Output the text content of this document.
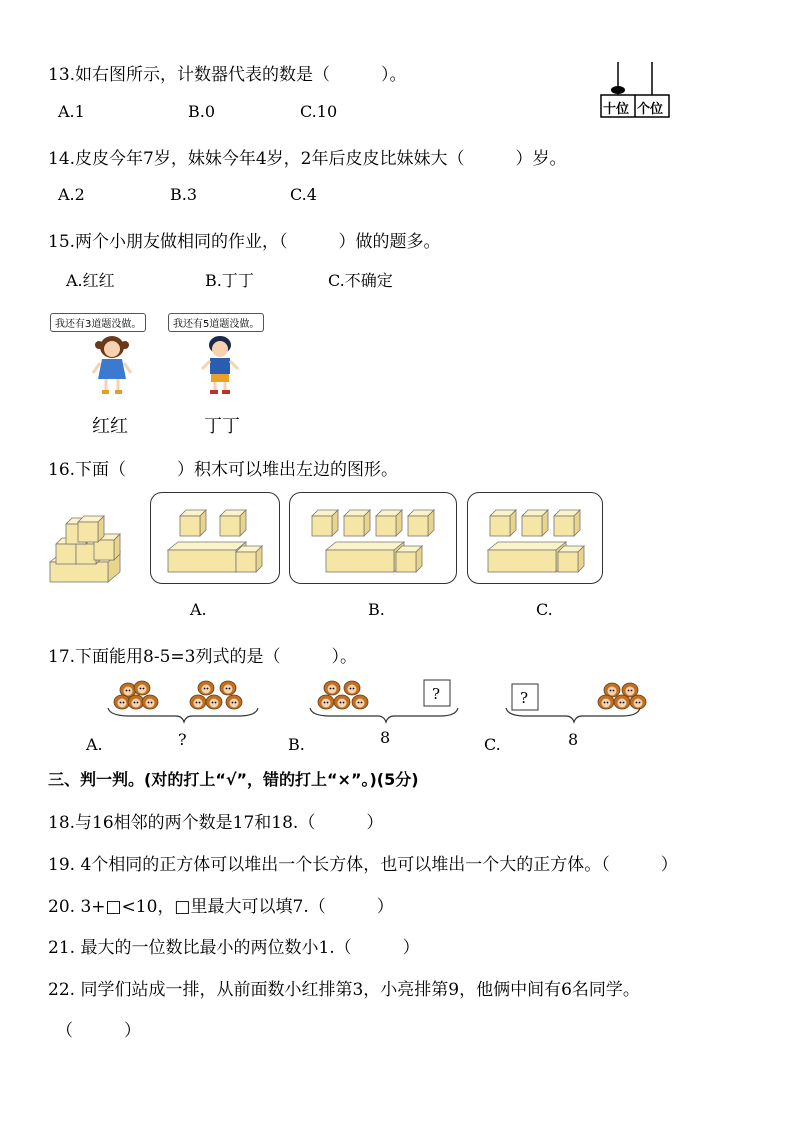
13.如右图所示，计数器代表的数是（　　　）。
A.1	B.0	C.10	十位 个位
14.皮皮今年7岁，妹妹今年4岁，2年后皮皮比妹妹大（　　　）岁。
A.2	B.3	C.4
15.两个小朋友做相同的作业，（　　　）做的题多。
A.红红	B.丁丁	C.不确定
我还有3道题没做。	我还有5道题没做。
红红	丁丁
16.下面（　　　）积木可以堆出左边的图形。
A.	B.	C.
17.下面能用8-5=3列式的是（　　　）。
?	?
A.	?	B.	8	C.	8
三、判一判。(对的打上“√”，错的打上“×”。)(5分)
18.与16相邻的两个数是17和18.（　　　）
19. 4个相同的正方体可以堆出一个长方体，也可以堆出一个大的正方体。（　　　）
20. 3+□<10，□里最大可以填7.（　　　）
21. 最大的一位数比最小的两位数小1.（　　　）
22. 同学们站成一排，从前面数小红排第3，小亮排第9，他俩中间有6名同学。
（　　　）
